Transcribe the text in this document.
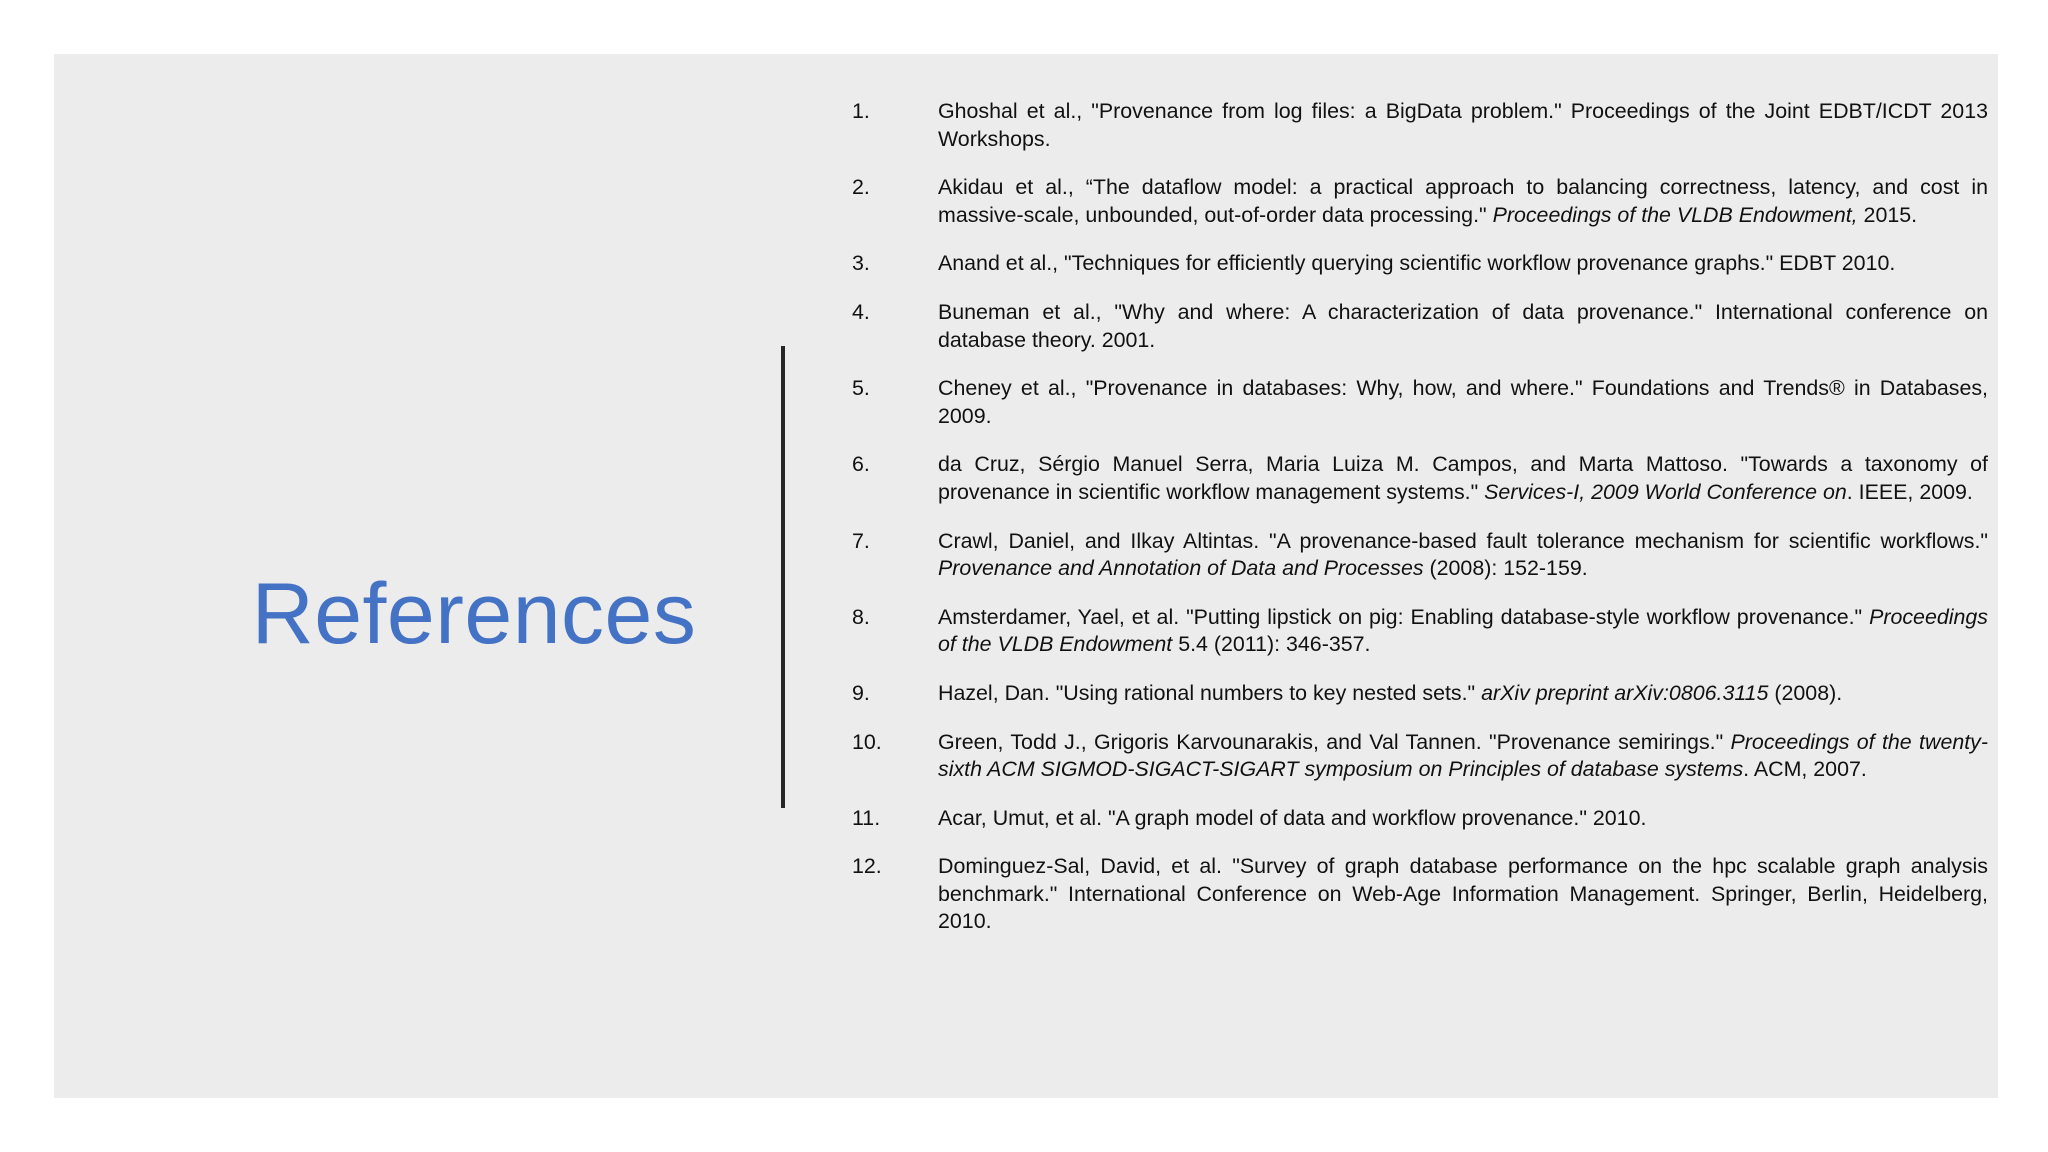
References
1.	Ghoshal et al., "Provenance from log files: a BigData problem." Proceedings of the Joint EDBT/ICDT 2013 Workshops.
2.	Akidau et al., “The dataflow model: a practical approach to balancing correctness, latency, and cost in massive-scale, unbounded, out-of-order data processing." Proceedings of the VLDB Endowment, 2015.
3.	Anand et al., "Techniques for efficiently querying scientific workflow provenance graphs." EDBT 2010.
4.	Buneman et al., "Why and where: A characterization of data provenance." International conference on database theory. 2001.
5.	Cheney et al., "Provenance in databases: Why, how, and where." Foundations and Trends® in Databases, 2009.
6.	da Cruz, Sérgio Manuel Serra, Maria Luiza M. Campos, and Marta Mattoso. "Towards a taxonomy of provenance in scientific workflow management systems." Services-I, 2009 World Conference on. IEEE, 2009.
7.	Crawl, Daniel, and Ilkay Altintas. "A provenance-based fault tolerance mechanism for scientific workflows." Provenance and Annotation of Data and Processes (2008): 152-159.
8.	Amsterdamer, Yael, et al. "Putting lipstick on pig: Enabling database-style workflow provenance." Proceedings of the VLDB Endowment 5.4 (2011): 346-357.
9.	Hazel, Dan. "Using rational numbers to key nested sets." arXiv preprint arXiv:0806.3115 (2008).
10.	Green, Todd J., Grigoris Karvounarakis, and Val Tannen. "Provenance semirings." Proceedings of the twenty-sixth ACM SIGMOD-SIGACT-SIGART symposium on Principles of database systems. ACM, 2007.
11.	Acar, Umut, et al. "A graph model of data and workflow provenance." 2010.
12.	Dominguez-Sal, David, et al. "Survey of graph database performance on the hpc scalable graph analysis benchmark." International Conference on Web-Age Information Management. Springer, Berlin, Heidelberg, 2010.
